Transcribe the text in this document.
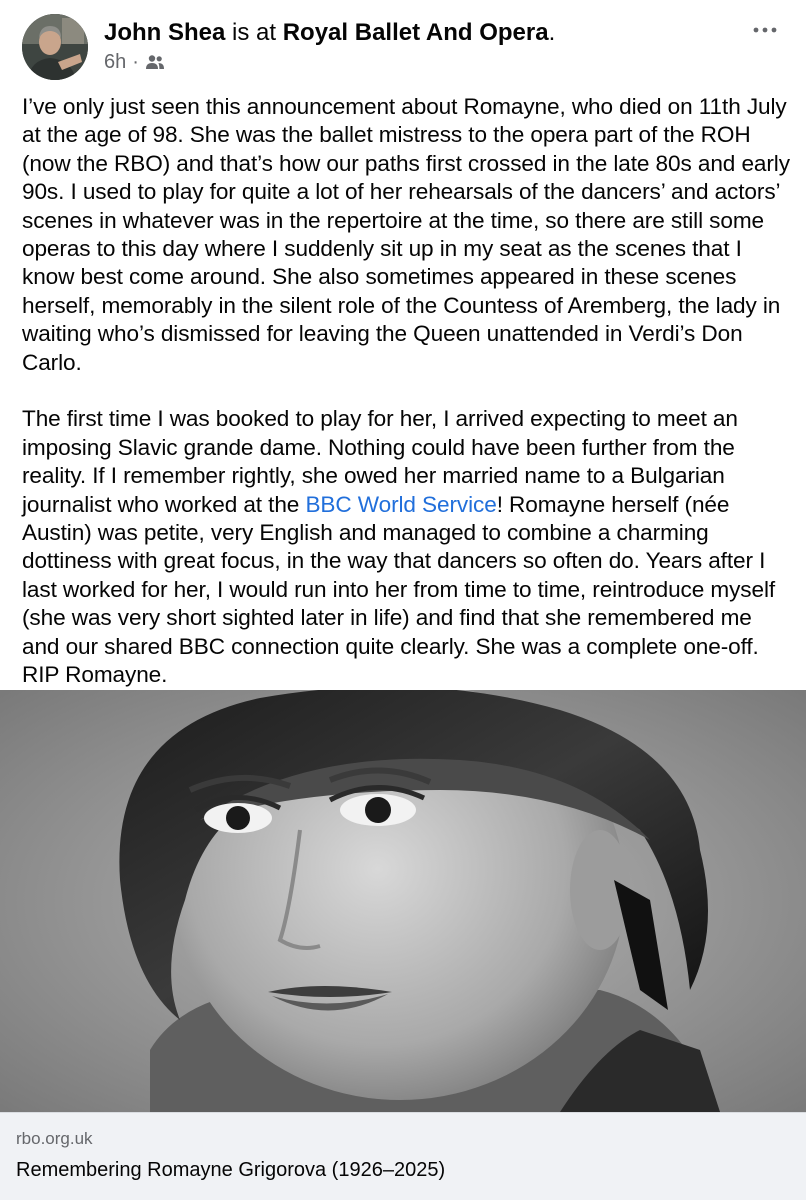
John Shea is at Royal Ballet And Opera.
6h ·

I’ve only just seen this announcement about Romayne, who died on 11th July at the age of 98. She was the ballet mistress to the opera part of the ROH (now the RBO) and that’s how our paths first crossed in the late 80s and early 90s. I used to play for quite a lot of her rehearsals of the dancers’ and actors’ scenes in whatever was in the repertoire at the time, so there are still some operas to this day where I suddenly sit up in my seat as the scenes that I know best come around. She also sometimes appeared in these scenes herself, memorably in the silent role of the Countess of Aremberg, the lady in waiting who’s dismissed for leaving the Queen unattended in Verdi’s Don Carlo.

The first time I was booked to play for her, I arrived expecting to meet an imposing Slavic grande dame. Nothing could have been further from the reality. If I remember rightly, she owed her married name to a Bulgarian journalist who worked at the BBC World Service! Romayne herself (née Austin) was petite, very English and managed to combine a charming dottiness with great focus, in the way that dancers so often do. Years after I last worked for her, I would run into her from time to time, reintroduce myself (she was very short sighted later in life) and find that she remembered me and our shared BBC connection quite clearly. She was a complete one-off. RIP Romayne.

rbo.org.uk
Remembering Romayne Grigorova (1926–2025)
